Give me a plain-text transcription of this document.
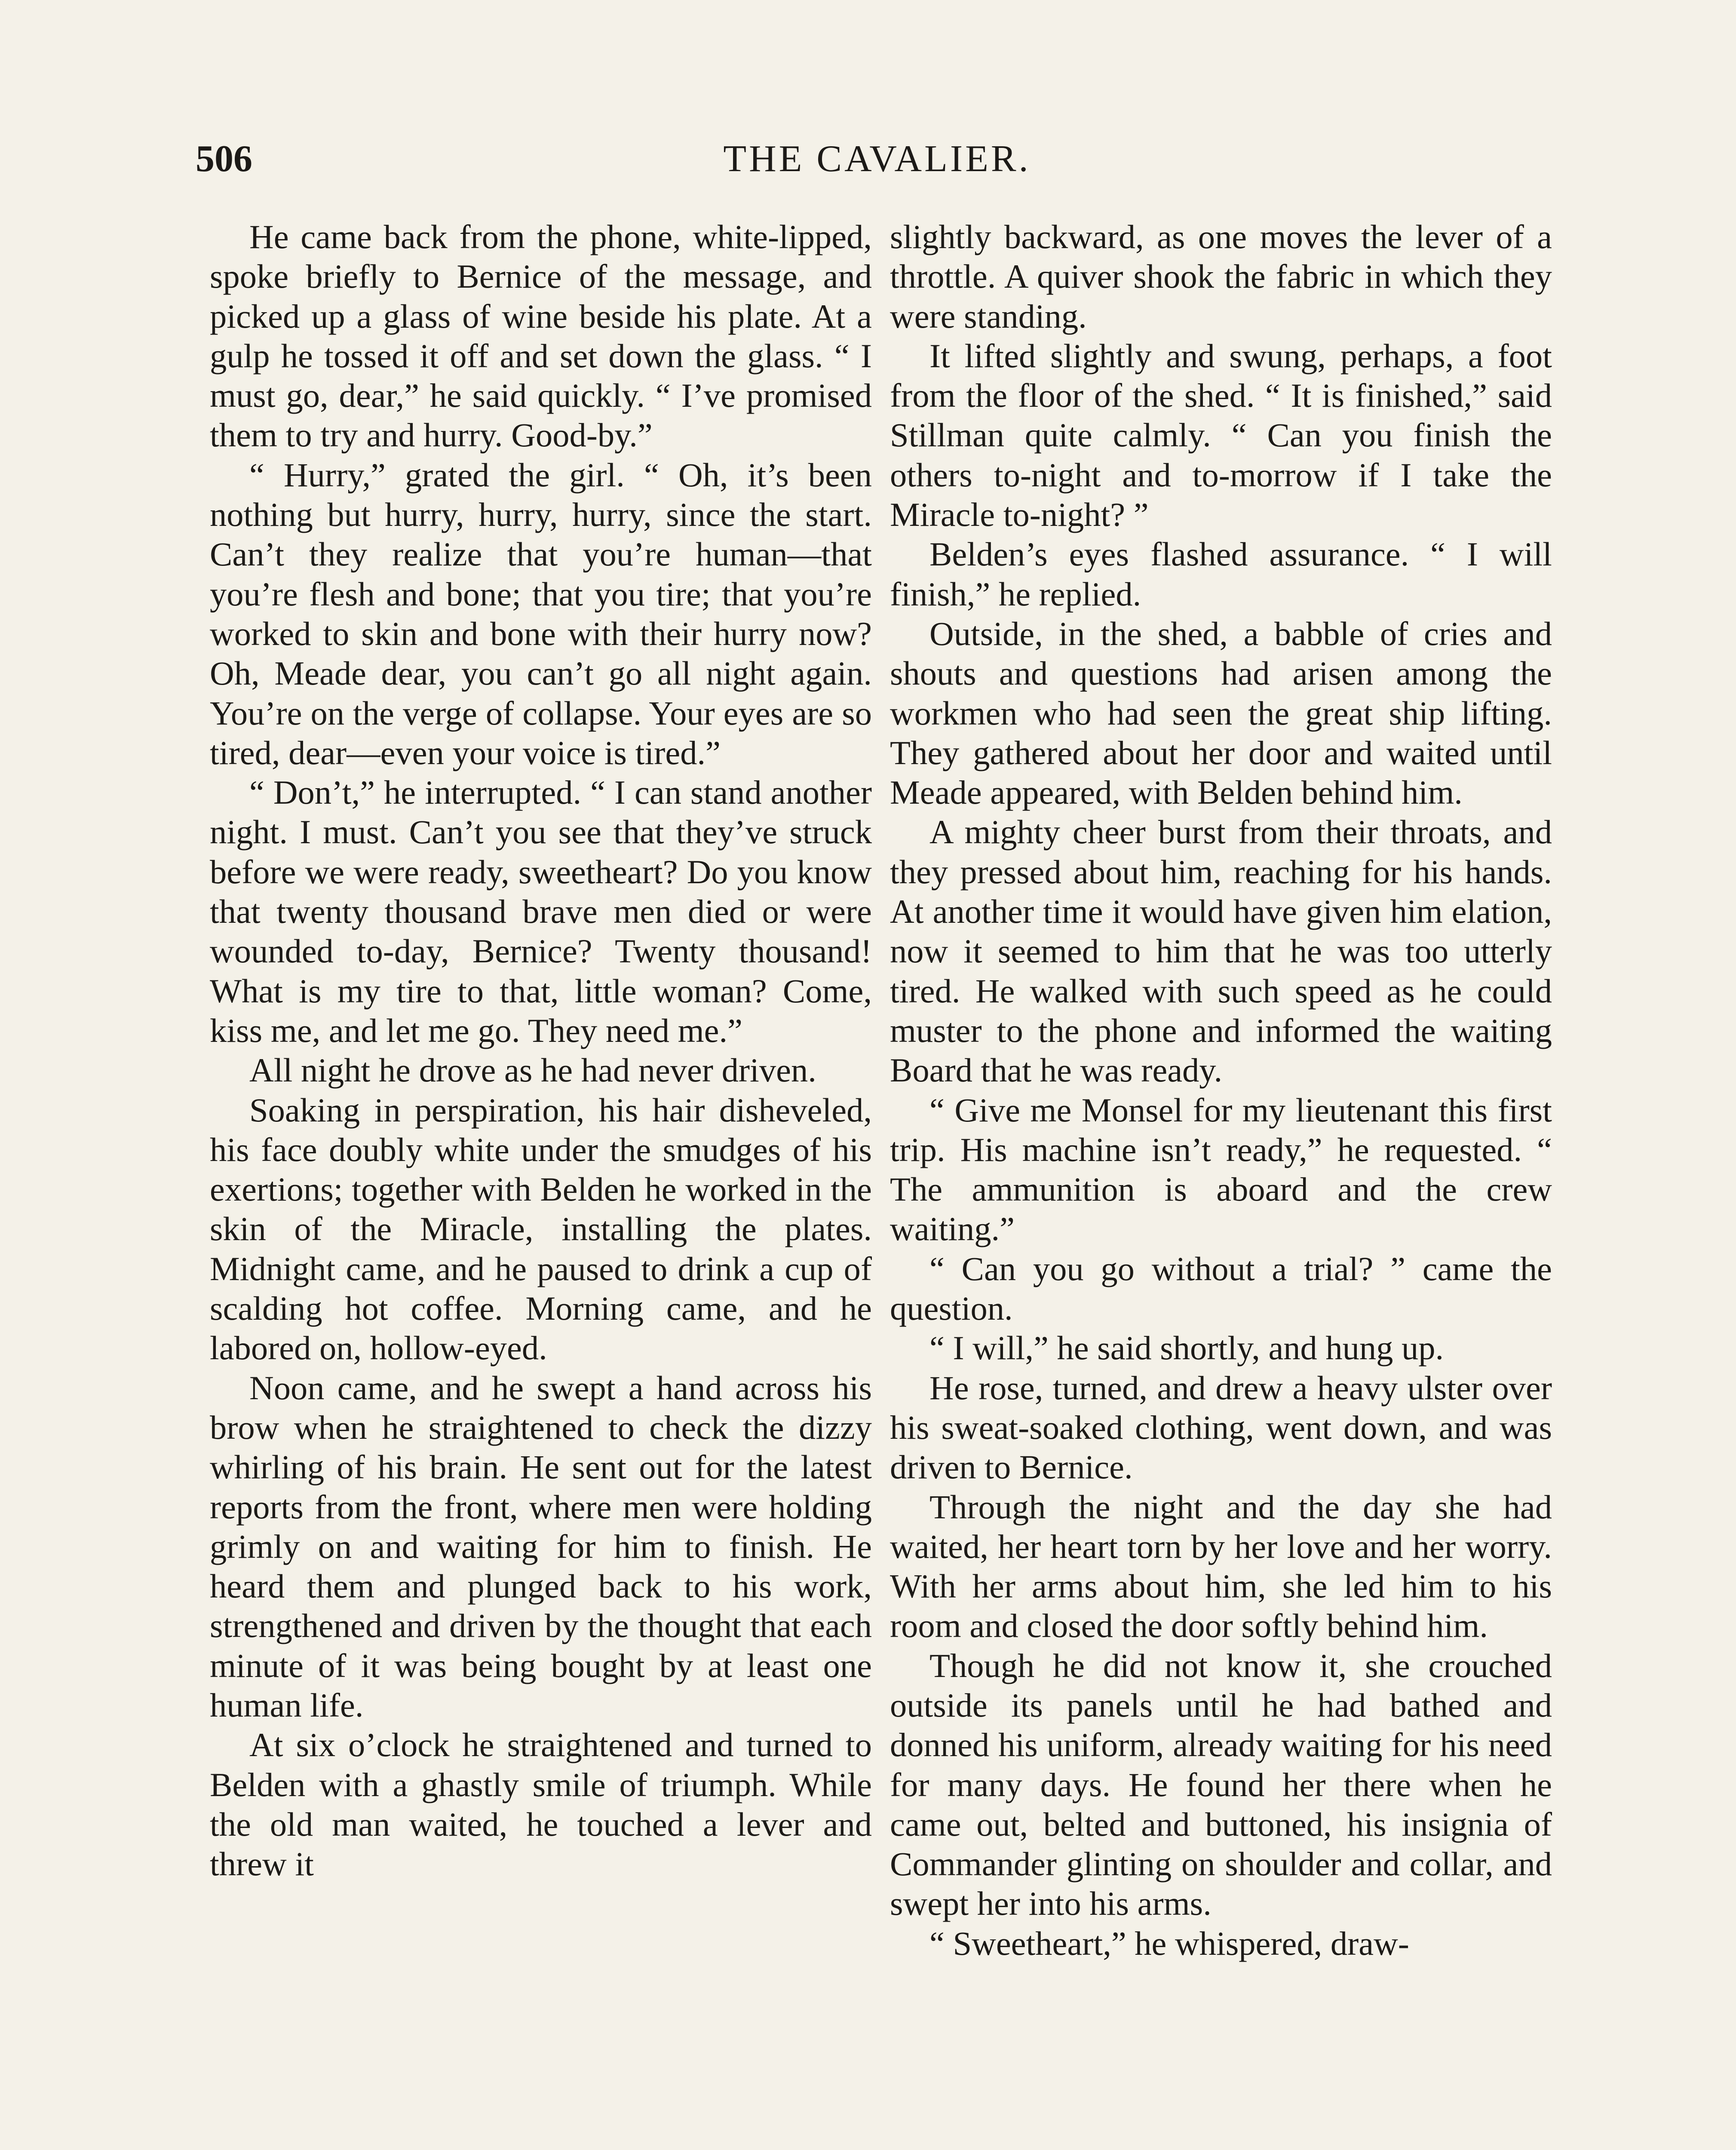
506	THE CAVALIER.

He came back from the phone, white-lipped, spoke briefly to Bernice of the message, and picked up a glass of wine beside his plate. At a gulp he tossed it off and set down the glass. “ I must go, dear,” he said quickly. “ I’ve promised them to try and hurry. Good-by.”

“ Hurry,” grated the girl. “ Oh, it’s been nothing but hurry, hurry, hurry, since the start. Can’t they realize that you’re human—that you’re flesh and bone; that you tire; that you’re worked to skin and bone with their hurry now? Oh, Meade dear, you can’t go all night again. You’re on the verge of collapse. Your eyes are so tired, dear—even your voice is tired.”

“ Don’t,” he interrupted. “ I can stand another night. I must. Can’t you see that they’ve struck before we were ready, sweetheart? Do you know that twenty thousand brave men died or were wounded to-day, Bernice? Twenty thousand! What is my tire to that, little woman? Come, kiss me, and let me go. They need me.”

All night he drove as he had never driven.

Soaking in perspiration, his hair disheveled, his face doubly white under the smudges of his exertions; together with Belden he worked in the skin of the Miracle, installing the plates. Midnight came, and he paused to drink a cup of scalding hot coffee. Morning came, and he labored on, hollow-eyed.

Noon came, and he swept a hand across his brow when he straightened to check the dizzy whirling of his brain. He sent out for the latest reports from the front, where men were holding grimly on and waiting for him to finish. He heard them and plunged back to his work, strengthened and driven by the thought that each minute of it was being bought by at least one human life.

At six o’clock he straightened and turned to Belden with a ghastly smile of triumph. While the old man waited, he touched a lever and threw it

slightly backward, as one moves the lever of a throttle. A quiver shook the fabric in which they were standing.

It lifted slightly and swung, perhaps, a foot from the floor of the shed. “ It is finished,” said Stillman quite calmly. “ Can you finish the others to-night and to-morrow if I take the Miracle to-night? ”

Belden’s eyes flashed assurance. “ I will finish,” he replied.

Outside, in the shed, a babble of cries and shouts and questions had arisen among the workmen who had seen the great ship lifting. They gathered about her door and waited until Meade appeared, with Belden behind him.

A mighty cheer burst from their throats, and they pressed about him, reaching for his hands. At another time it would have given him elation, now it seemed to him that he was too utterly tired. He walked with such speed as he could muster to the phone and informed the waiting Board that he was ready.

“ Give me Monsel for my lieutenant this first trip. His machine isn’t ready,” he requested. “ The ammunition is aboard and the crew waiting.”

“ Can you go without a trial? ” came the question.

“ I will,” he said shortly, and hung up.

He rose, turned, and drew a heavy ulster over his sweat-soaked clothing, went down, and was driven to Bernice.

Through the night and the day she had waited, her heart torn by her love and her worry. With her arms about him, she led him to his room and closed the door softly behind him.

Though he did not know it, she crouched outside its panels until he had bathed and donned his uniform, already waiting for his need for many days. He found her there when he came out, belted and buttoned, his insignia of Commander glinting on shoulder and collar, and swept her into his arms.

“ Sweetheart,” he whispered, draw-
